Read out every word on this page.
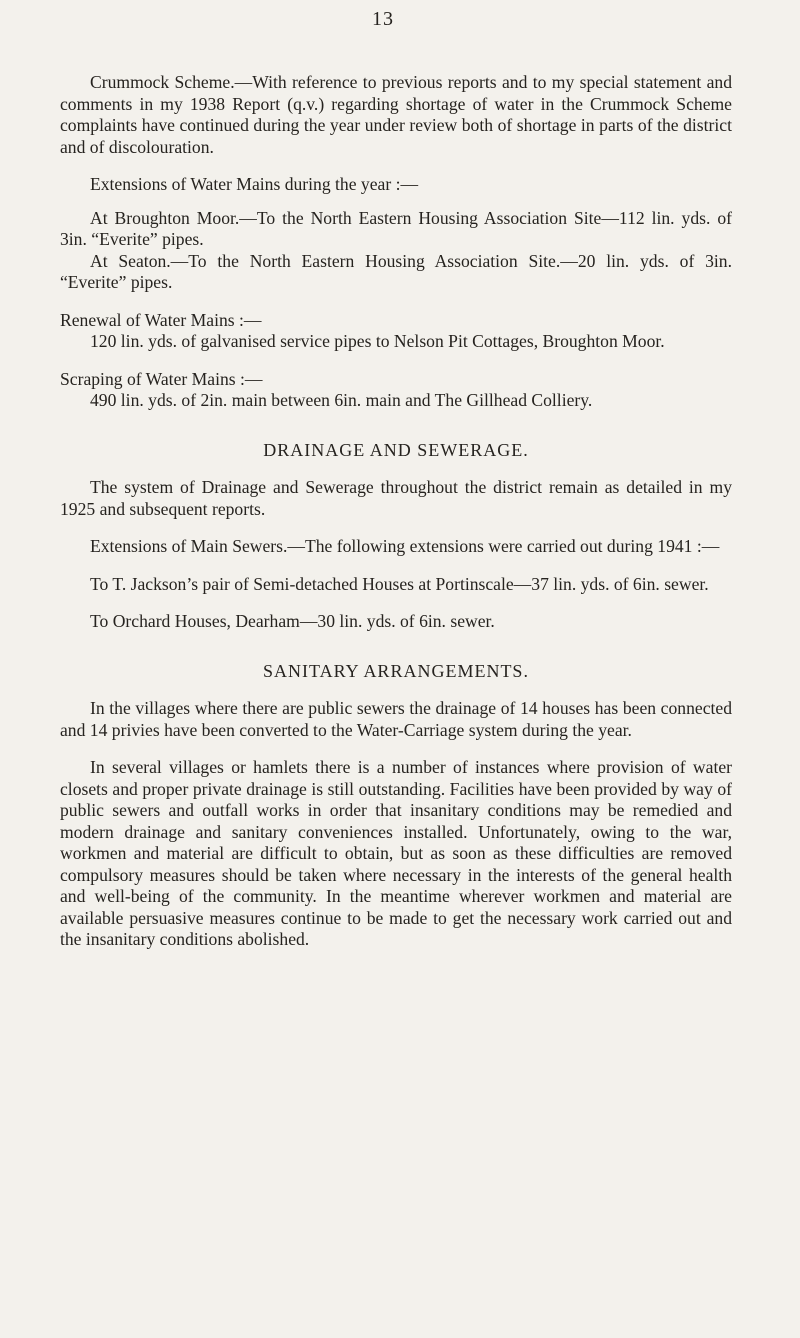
13

Crummock Scheme.—With reference to previous reports and to my special statement and comments in my 1938 Report (q.v.) regarding shortage of water in the Crummock Scheme complaints have continued during the year under review both of shortage in parts of the district and of discolouration.

Extensions of Water Mains during the year :—

At Broughton Moor.—To the North Eastern Housing Association Site—112 lin. yds. of 3in. “Everite” pipes.

At Seaton.—To the North Eastern Housing Association Site.—20 lin. yds. of 3in. “Everite” pipes.

Renewal of Water Mains :—

120 lin. yds. of galvanised service pipes to Nelson Pit Cottages, Broughton Moor.

Scraping of Water Mains :—

490 lin. yds. of 2in. main between 6in. main and The Gillhead Colliery.

DRAINAGE AND SEWERAGE.

The system of Drainage and Sewerage throughout the district remain as detailed in my 1925 and subsequent reports.

Extensions of Main Sewers.—The following extensions were carried out during 1941 :—

To T. Jackson’s pair of Semi-detached Houses at Portinscale—37 lin. yds. of 6in. sewer.

To Orchard Houses, Dearham—30 lin. yds. of 6in. sewer.

SANITARY ARRANGEMENTS.

In the villages where there are public sewers the drainage of 14 houses has been connected and 14 privies have been converted to the Water-Carriage system during the year.

In several villages or hamlets there is a number of instances where provision of water closets and proper private drainage is still outstanding. Facilities have been provided by way of public sewers and outfall works in order that insanitary conditions may be remedied and modern drainage and sanitary conveniences installed. Unfortunately, owing to the war, workmen and material are difficult to obtain, but as soon as these difficulties are removed compulsory measures should be taken where necessary in the interests of the general health and well-being of the community. In the meantime wherever workmen and material are available persuasive measures continue to be made to get the necessary work carried out and the insanitary conditions abolished.
